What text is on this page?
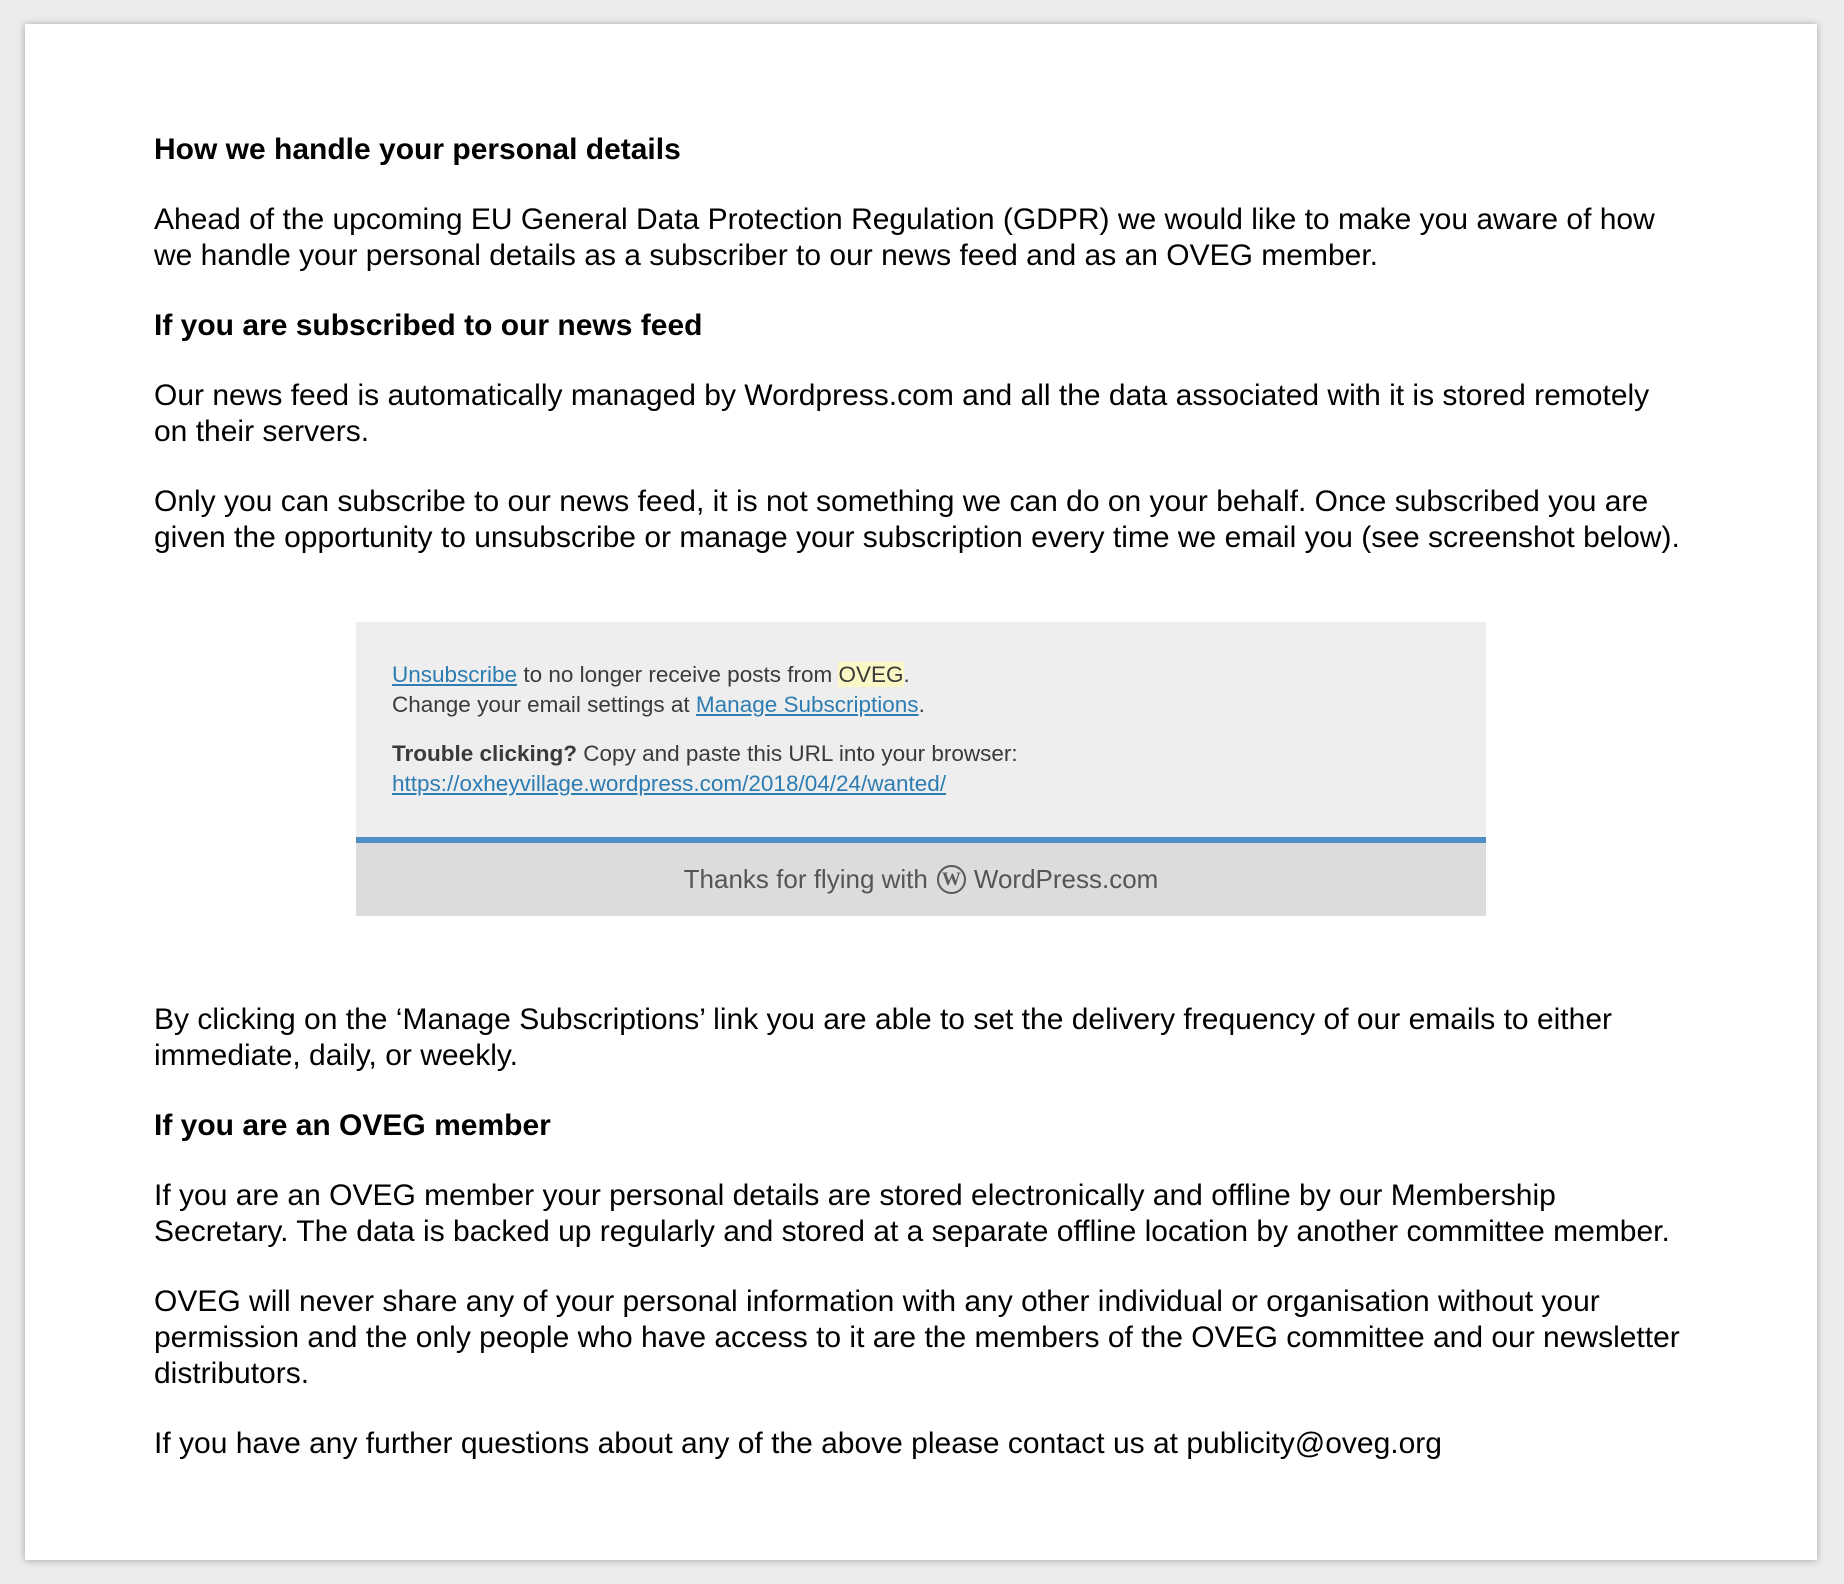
How we handle your personal details

Ahead of the upcoming EU General Data Protection Regulation (GDPR) we would like to make you aware of how
we handle your personal details as a subscriber to our news feed and as an OVEG member.

If you are subscribed to our news feed

Our news feed is automatically managed by Wordpress.com and all the data associated with it is stored remotely
on their servers.

Only you can subscribe to our news feed, it is not something we can do on your behalf. Once subscribed you are
given the opportunity to unsubscribe or manage your subscription every time we email you (see screenshot below).

Unsubscribe to no longer receive posts from OVEG.
Change your email settings at Manage Subscriptions.
Trouble clicking? Copy and paste this URL into your browser:
https://oxheyvillage.wordpress.com/2018/04/24/wanted/
Thanks for flying with W WordPress.com

By clicking on the ‘Manage Subscriptions’ link you are able to set the delivery frequency of our emails to either
immediate, daily, or weekly.

If you are an OVEG member

If you are an OVEG member your personal details are stored electronically and offline by our Membership
Secretary. The data is backed up regularly and stored at a separate offline location by another committee member.

OVEG will never share any of your personal information with any other individual or organisation without your
permission and the only people who have access to it are the members of the OVEG committee and our newsletter
distributors.

If you have any further questions about any of the above please contact us at publicity@oveg.org
